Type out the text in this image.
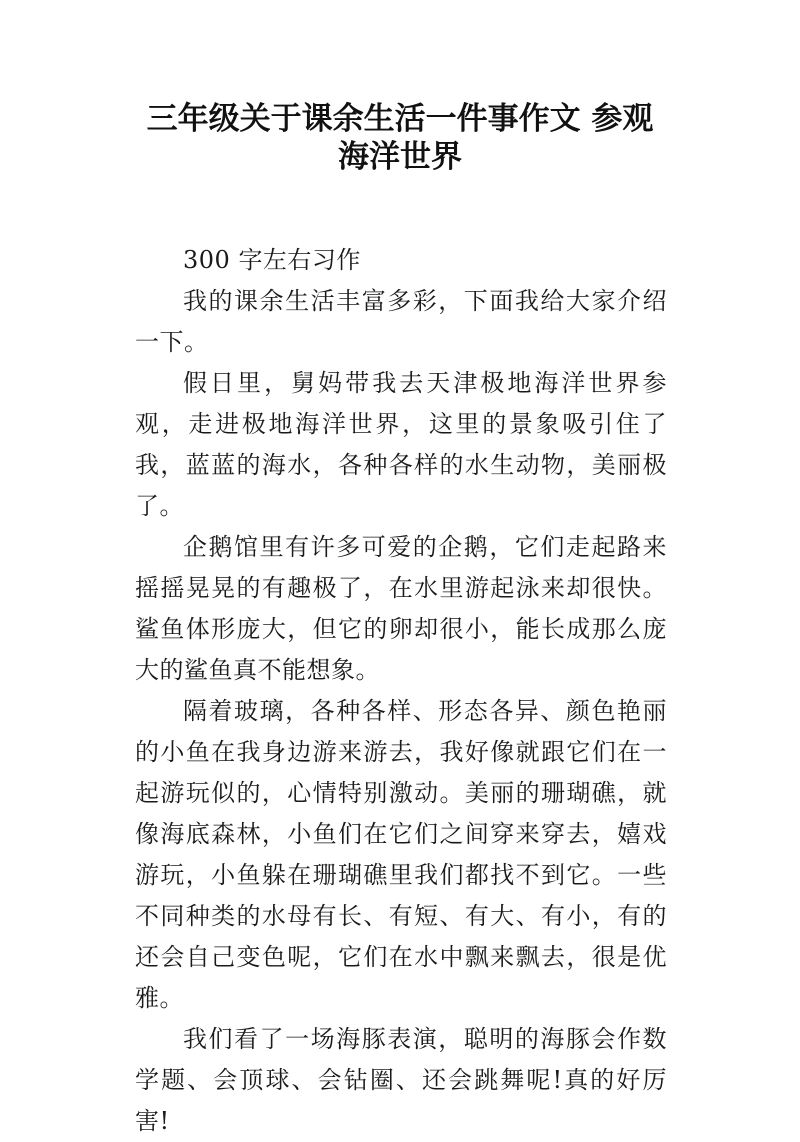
三年级关于课余生活一件事作文 参观
海洋世界

300 字左右习作

我的课余生活丰富多彩，下面我给大家介绍一下。

假日里，舅妈带我去天津极地海洋世界参观，走进极地海洋世界，这里的景象吸引住了我，蓝蓝的海水，各种各样的水生动物，美丽极了。

企鹅馆里有许多可爱的企鹅，它们走起路来摇摇晃晃的有趣极了，在水里游起泳来却很快。鲨鱼体形庞大，但它的卵却很小，能长成那么庞大的鲨鱼真不能想象。

隔着玻璃，各种各样、形态各异、颜色艳丽的小鱼在我身边游来游去，我好像就跟它们在一起游玩似的，心情特别激动。美丽的珊瑚礁，就像海底森林，小鱼们在它们之间穿来穿去，嬉戏游玩，小鱼躲在珊瑚礁里我们都找不到它。一些不同种类的水母有长、有短、有大、有小，有的还会自己变色呢，它们在水中飘来飘去，很是优雅。

我们看了一场海豚表演，聪明的海豚会作数学题、会顶球、会钻圈、还会跳舞呢!真的好厉害!
